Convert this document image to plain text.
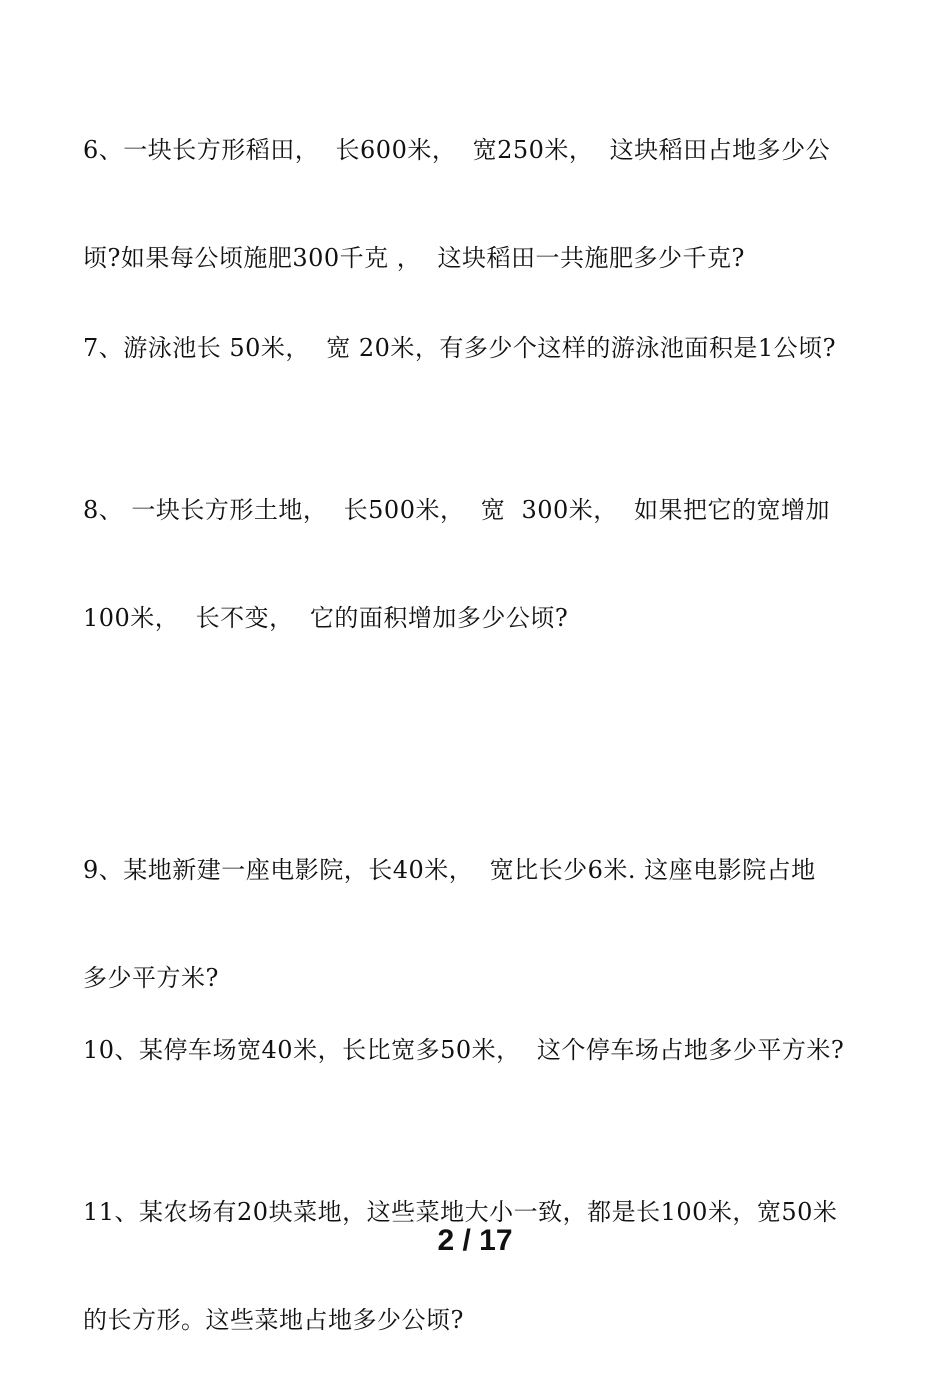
6、一块长方形稻田，  长600米，  宽250米，  这块稻田占地多少公

顷?如果每公顷施肥300千克 ，  这块稻田一共施肥多少千克?

7、游泳池长 50米，  宽 20米，有多少个这样的游泳池面积是1公顷?

8、 一块长方形土地，  长500米，  宽  300米，  如果把它的宽增加

100米，  长不变，  它的面积增加多少公顷?

9、某地新建一座电影院，长40米，  宽比长少6米. 这座电影院占地

多少平方米?

10、某停车场宽40米，长比宽多50米，  这个停车场占地多少平方米?

11、某农场有20块菜地，这些菜地大小一致，都是长100米，宽50米

的长方形。这些菜地占地多少公顷?

2 / 17
